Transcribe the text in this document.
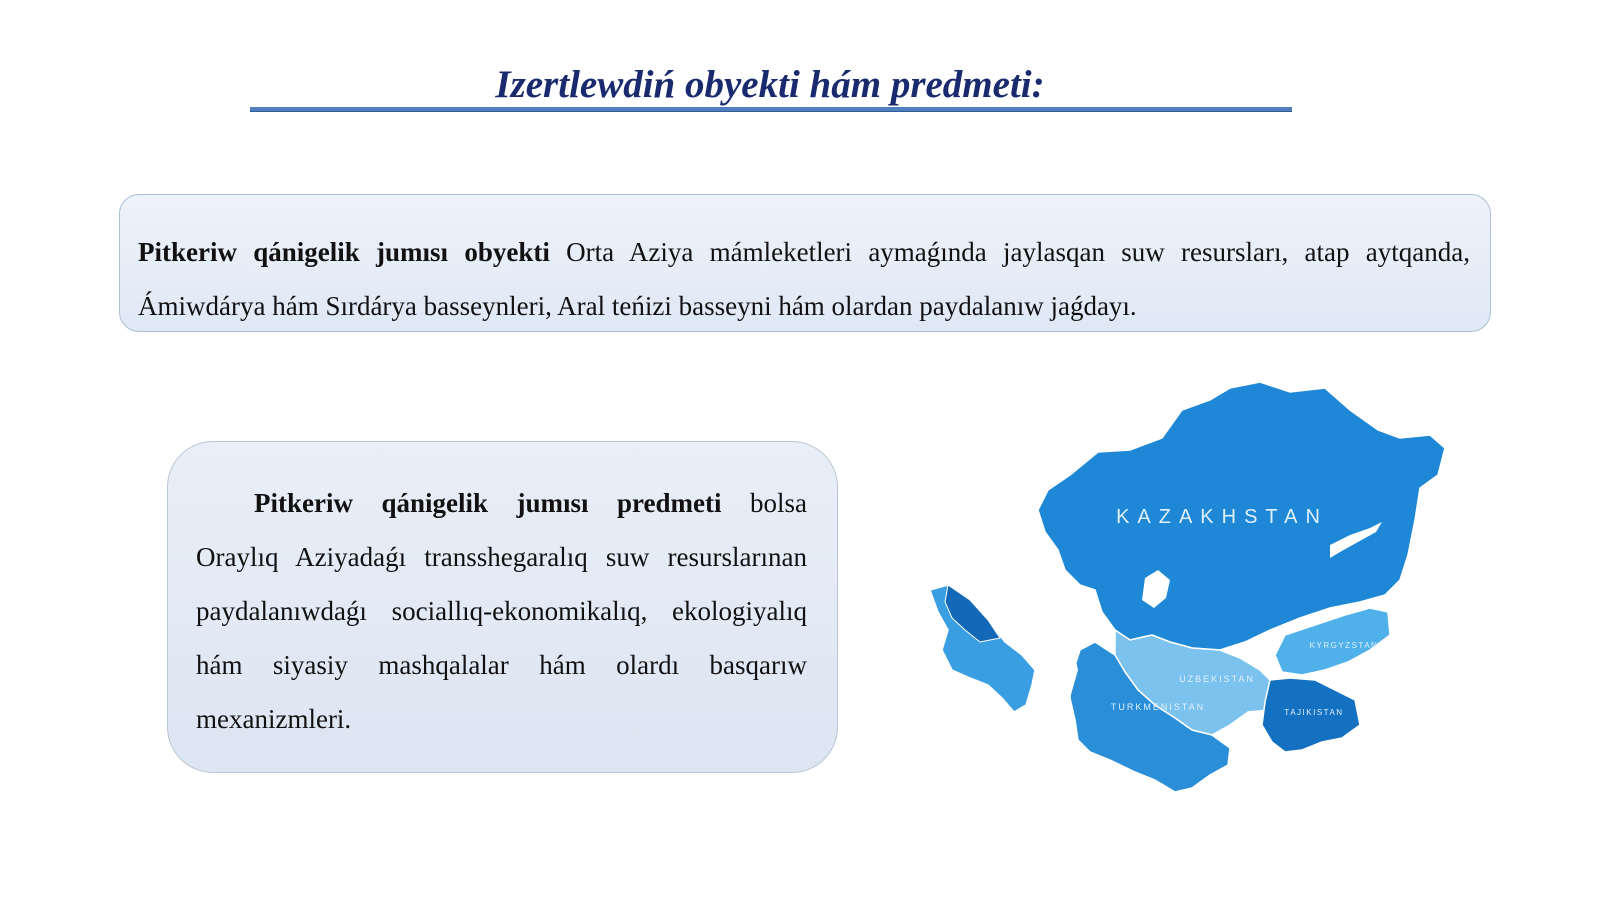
Izertlewdiń obyekti hám predmeti:
Pitkeriw qánigelik jumısı obyekti Orta Aziya mámleketleri aymaǵında jaylasqan suw resursları, atap aytqanda, Ámiwdárya hám Sırdárya basseynleri, Aral teńizi basseyni hám olardan paydalanıw jaǵdayı.
Pitkeriw qánigelik jumısı predmeti bolsa Oraylıq Aziyadaǵı transshegaralıq suw resurslarınan paydalanıwdaǵı sociallıq-ekonomikalıq, ekologiyalıq hám siyasiy mashqalalar hám olardı basqarıw mexanizmleri.
KAZAKHSTAN
UZBEKISTAN
TURKMENISTAN
KYRGYZSTAN
TAJIKISTAN
